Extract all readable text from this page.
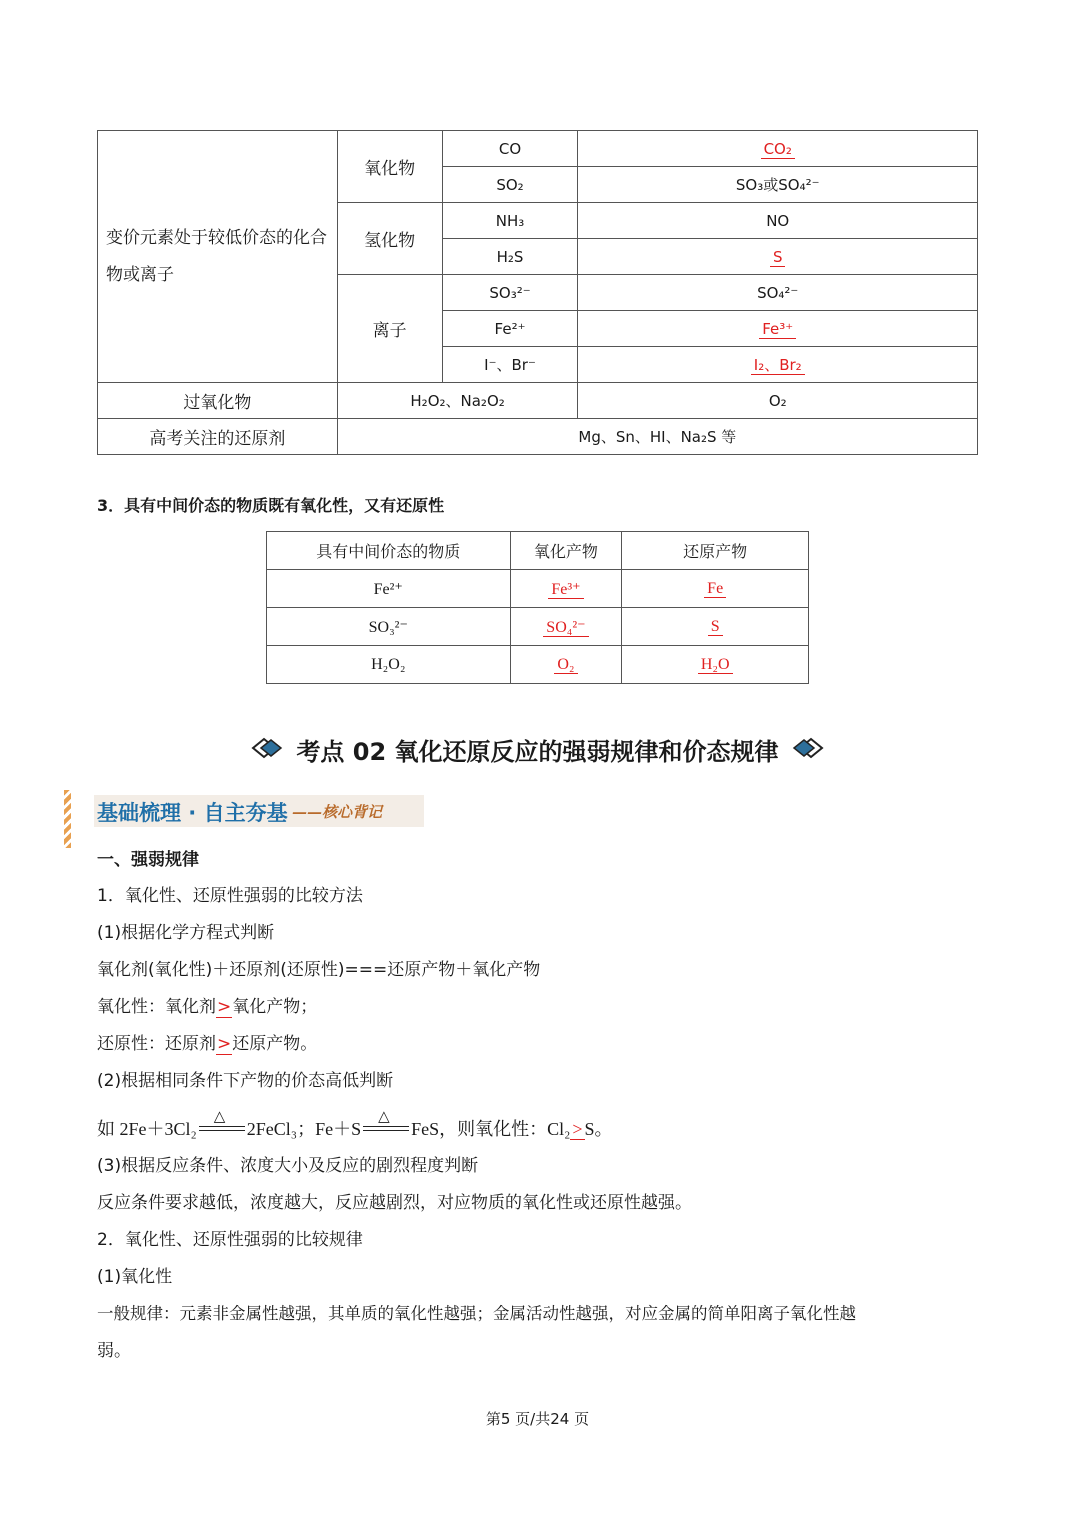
变价元素处于较低价态的化合物或离子	氧化物	CO	CO₂
		SO₂	SO₃或SO₄²⁻
	氢化物	NH₃	NO
		H₂S	S
	离子	SO₃²⁻	SO₄²⁻
		Fe²⁺	Fe³⁺
		I⁻、Br⁻	I₂、Br₂
过氧化物	H₂O₂、Na₂O₂		O₂
高考关注的还原剂	Mg、Sn、HI、Na₂S 等		
3．具有中间价态的物质既有氧化性，又有还原性
具有中间价态的物质	氧化产物	还原产物
Fe²⁺	Fe³⁺	Fe
SO₃²⁻	SO₄²⁻	S
H₂O₂	O₂	H₂O
考点 02 氧化还原反应的强弱规律和价态规律
基础梳理 · 自主夯基 ——核心背记
一、强弱规律
1．氧化性、还原性强弱的比较方法
(1)根据化学方程式判断
氧化剂(氧化性)＋还原剂(还原性)===还原产物＋氧化产物
氧化性：氧化剂>氧化产物；
还原性：还原剂>还原产物。
(2)根据相同条件下产物的价态高低判断
如 2Fe＋3Cl₂
△
2FeCl₃；Fe＋S
△
FeS，则氧化性：Cl₂ > S。
(3)根据反应条件、浓度大小及反应的剧烈程度判断
反应条件要求越低，浓度越大，反应越剧烈，对应物质的氧化性或还原性越强。
2．氧化性、还原性强弱的比较规律
(1)氧化性
一般规律：元素非金属性越强，其单质的氧化性越强；金属活动性越强，对应金属的简单阳离子氧化性越
弱。
第5 页/共24 页
